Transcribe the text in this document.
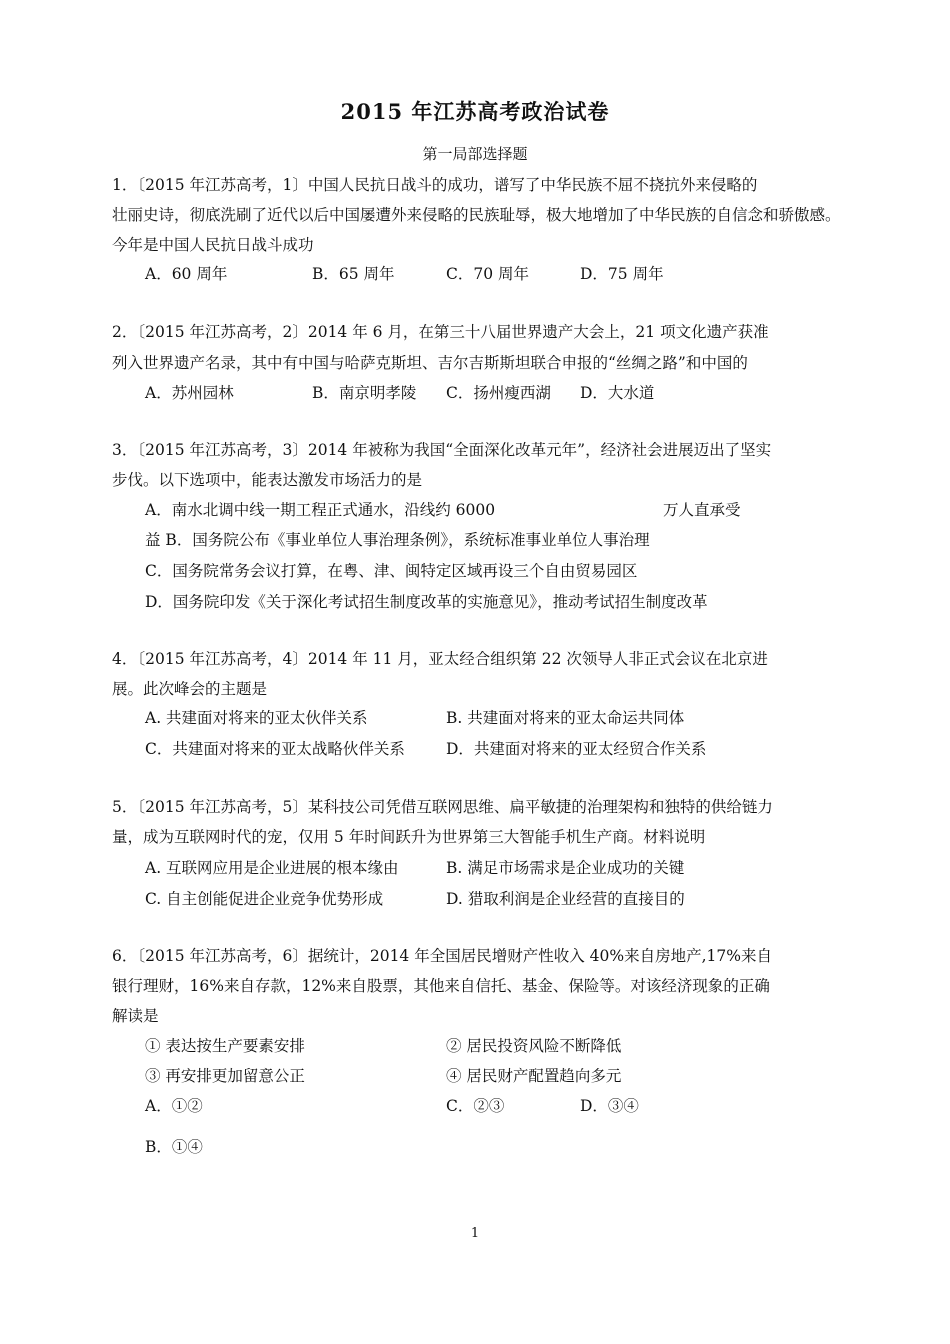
2015 年江苏高考政治试卷
第一局部选择题
1．〔2015 年江苏高考，1〕中国人民抗日战斗的成功，谱写了中华民族不屈不挠抗外来侵略的
壮丽史诗，彻底洗刷了近代以后中国屡遭外来侵略的民族耻辱，极大地增加了中华民族的自信念和骄傲感。
今年是中国人民抗日战斗成功
A．60 周年	B．65 周年	C．70 周年	D．75 周年
2．〔2015 年江苏高考，2〕2014 年 6 月，在第三十八届世界遗产大会上，21 项文化遗产获准
列入世界遗产名录，其中有中国与哈萨克斯坦、吉尔吉斯斯坦联合申报的“丝绸之路”和中国的
A．苏州园林	B．南京明孝陵 C．扬州瘦西湖 D．大水道
3．〔2015 年江苏高考，3〕2014 年被称为我国“全面深化改革元年”，经济社会进展迈出了坚实
步伐。以下选项中，能表达激发市场活力的是
A．南水北调中线一期工程正式通水，沿线约 6000	万人直承受
益 B．国务院公布《事业单位人事治理条例》，系统标准事业单位人事治理
C．国务院常务会议打算，在粤、津、闽特定区域再设三个自由贸易园区
D．国务院印发《关于深化考试招生制度改革的实施意见》，推动考试招生制度改革
4．〔2015 年江苏高考，4〕2014 年 11 月，亚太经合组织第 22 次领导人非正式会议在北京进
展。此次峰会的主题是
A. 共建面对将来的亚太伙伴关系	B. 共建面对将来的亚太命运共同体
C．共建面对将来的亚太战略伙伴关系	D．共建面对将来的亚太经贸合作关系
5．〔2015 年江苏高考，5〕某科技公司凭借互联网思维、扁平敏捷的治理架构和独特的供给链力
量，成为互联网时代的宠，仅用 5 年时间跃升为世界第三大智能手机生产商。材料说明
A. 互联网应用是企业进展的根本缘由	B. 满足市场需求是企业成功的关键
C. 自主创能促进企业竞争优势形成	D. 猎取利润是企业经营的直接目的
6．〔2015 年江苏高考，6〕据统计，2014 年全国居民增财产性收入 40%来自房地产,17%来自
银行理财，16%来自存款，12%来自股票，其他来自信托、基金、保险等。对该经济现象的正确
解读是
① 表达按生产要素安排	② 居民投资风险不断降低
③ 再安排更加留意公正	④ 居民财产配置趋向多元
A．①②	C．②③	D．③④
B．①④
1
